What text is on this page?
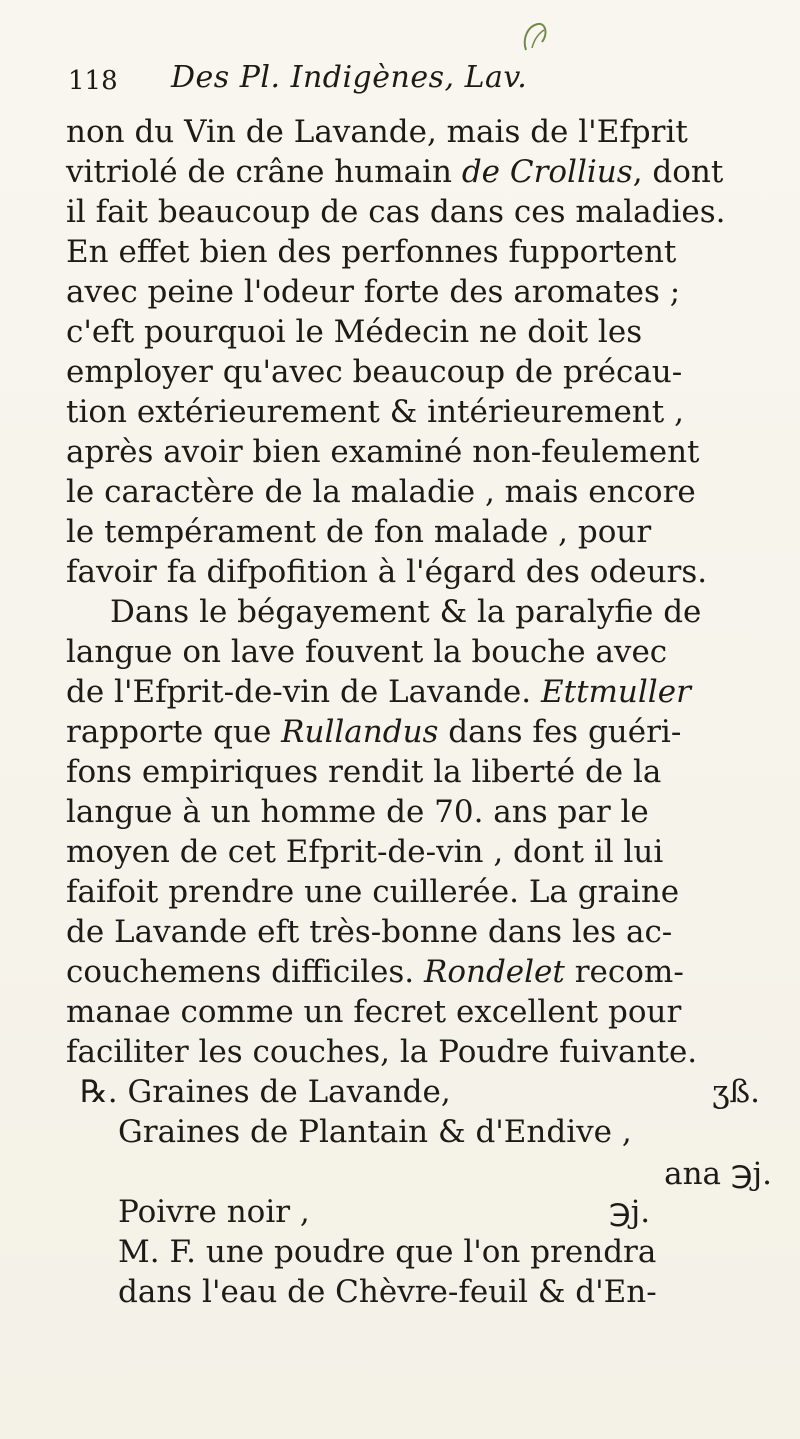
118 Des Pl. Indigènes, Lav.
non du Vin de Lavande, mais de l'Efprit
vitriolé de crâne humain de Crollius, dont
il fait beaucoup de cas dans ces maladies.
En effet bien des perfonnes fupportent
avec peine l'odeur forte des aromates ;
c'eft pourquoi le Médecin ne doit les
employer qu'avec beaucoup de précau-
tion extérieurement & intérieurement ,
après avoir bien examiné non-feulement
le caractère de la maladie , mais encore
le tempérament de fon malade , pour
favoir fa difpofition à l'égard des odeurs.
Dans le bégayement & la paralyfie de
langue on lave fouvent la bouche avec
de l'Efprit-de-vin de Lavande. Ettmuller
rapporte que Rullandus dans fes guéri-
fons empiriques rendit la liberté de la
langue à un homme de 70. ans par le
moyen de cet Efprit-de-vin , dont il lui
faifoit prendre une cuillerée. La graine
de Lavande eft très-bonne dans les ac-
couchemens difficiles. Rondelet recom-
manae comme un fecret excellent pour
faciliter les couches, la Poudre fuivante.
℞. Graines de Lavande,	ʒß.
Graines de Plantain & d'Endive ,
ana ℈j.
Poivre noir ,	℈j.
M. F. une poudre que l'on prendra
dans l'eau de Chèvre-feuil & d'En-
